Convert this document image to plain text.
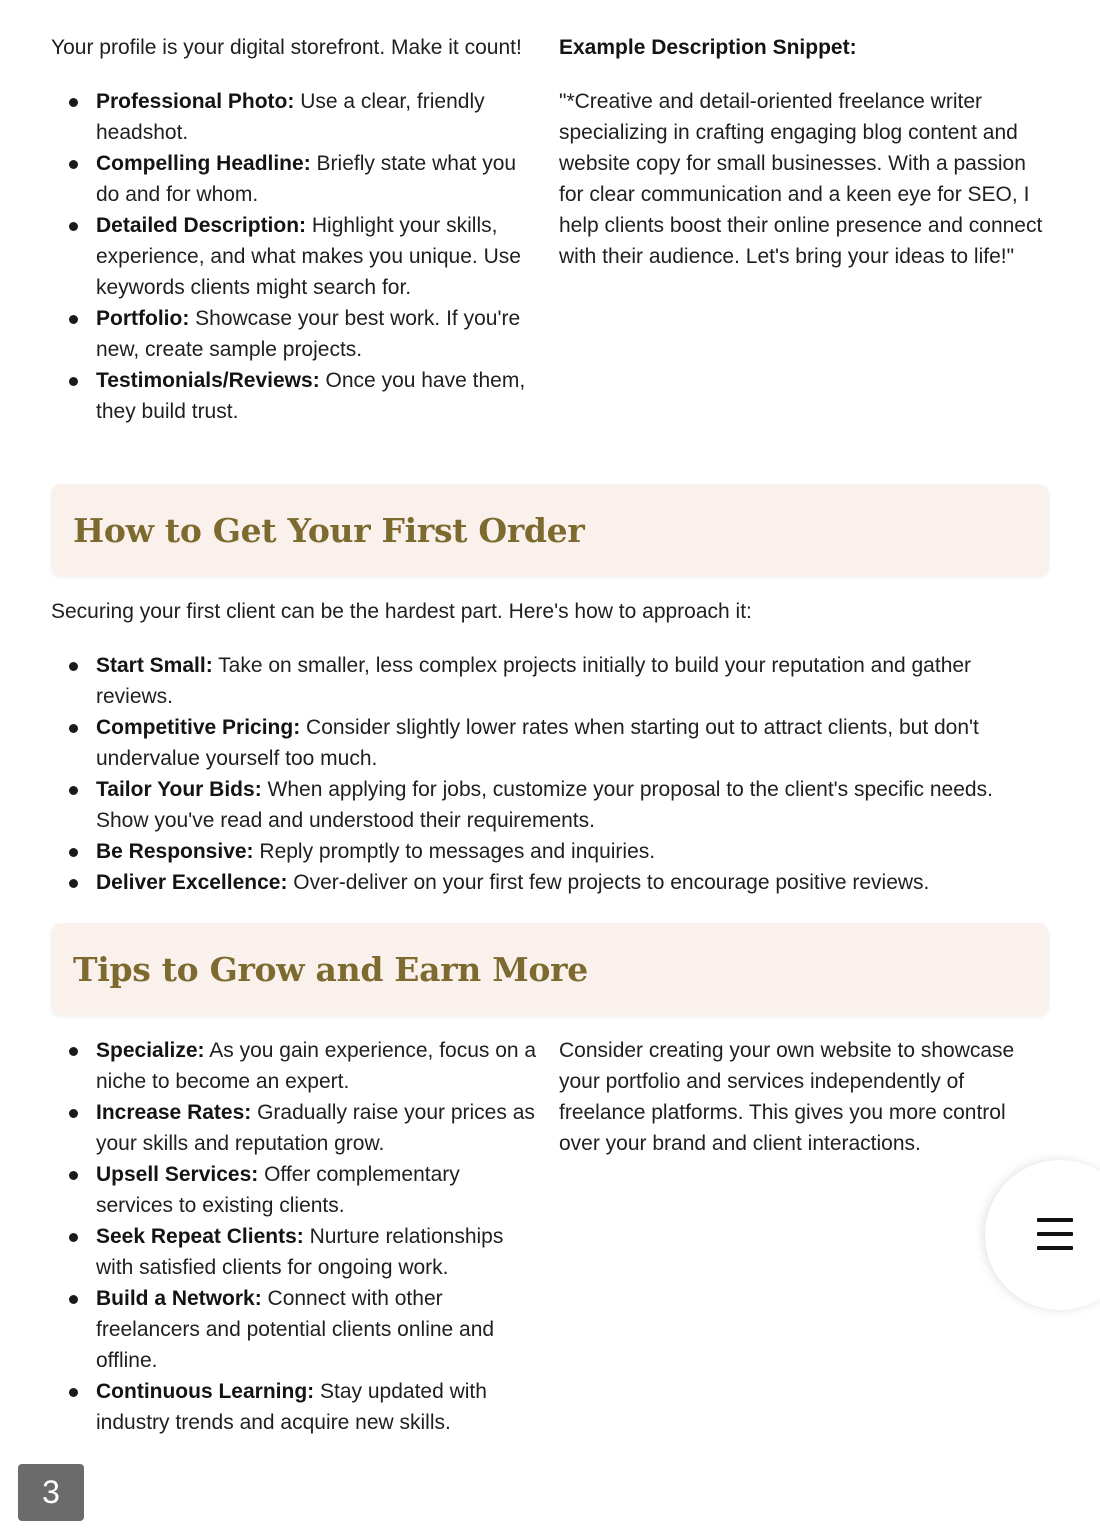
Your profile is your digital storefront. Make it count!

Professional Photo: Use a clear, friendly headshot.
Compelling Headline: Briefly state what you do and for whom.
Detailed Description: Highlight your skills, experience, and what makes you unique. Use keywords clients might search for.
Portfolio: Showcase your best work. If you're new, create sample projects.
Testimonials/Reviews: Once you have them, they build trust.

Example Description Snippet:

"*Creative and detail-oriented freelance writer specializing in crafting engaging blog content and website copy for small businesses. With a passion for clear communication and a keen eye for SEO, I help clients boost their online presence and connect with their audience. Let's bring your ideas to life!"

How to Get Your First Order

Securing your first client can be the hardest part. Here's how to approach it:

Start Small: Take on smaller, less complex projects initially to build your reputation and gather reviews.
Competitive Pricing: Consider slightly lower rates when starting out to attract clients, but don't undervalue yourself too much.
Tailor Your Bids: When applying for jobs, customize your proposal to the client's specific needs. Show you've read and understood their requirements.
Be Responsive: Reply promptly to messages and inquiries.
Deliver Excellence: Over-deliver on your first few projects to encourage positive reviews.
Tips to Grow and Earn More
Specialize: As you gain experience, focus on a niche to become an expert.
Increase Rates: Gradually raise your prices as your skills and reputation grow.
Upsell Services: Offer complementary services to existing clients.
Seek Repeat Clients: Nurture relationships with satisfied clients for ongoing work.
Build a Network: Connect with other freelancers and potential clients online and offline.
Continuous Learning: Stay updated with industry trends and acquire new skills.

Consider creating your own website to showcase your portfolio and services independently of freelance platforms. This gives you more control over your brand and client interactions.

3
